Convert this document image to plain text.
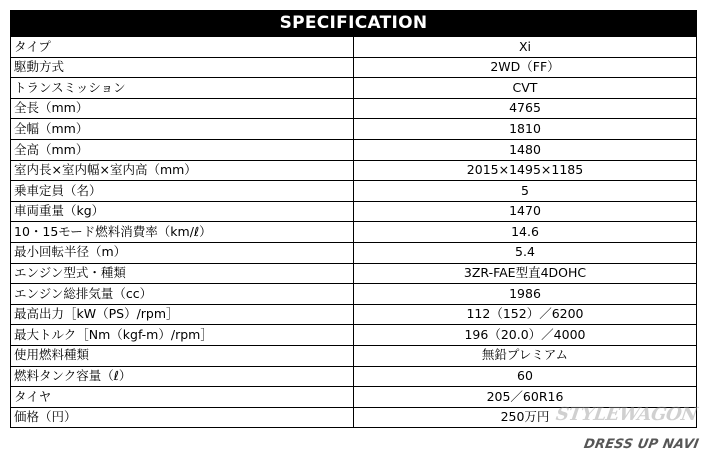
SPECIFICATION	
タイプ	Xi
駆動方式	2WD（FF）
トランスミッション	CVT
全長（mm）	4765
全幅（mm）	1810
全高（mm）	1480
室内長×室内幅×室内高（mm）	2015×1495×1185
乗車定員（名）	5
車両重量（kg）	1470
10・15モード燃料消費率（km/ℓ）	14.6
最小回転半径（m）	5.4
エンジン型式・種類	3ZR-FAE型直4DOHC
エンジン総排気量（cc）	1986
最高出力［kW（PS）/rpm］	112（152）／6200
最大トルク［Nm（kgf-m）/rpm］	196（20.0）／4000
使用燃料種類	無鉛プレミアム
燃料タンク容量（ℓ）	60
タイヤ	205／60R16
価格（円）	250万円 STYLEWAGON
DRESS UP NAVI
